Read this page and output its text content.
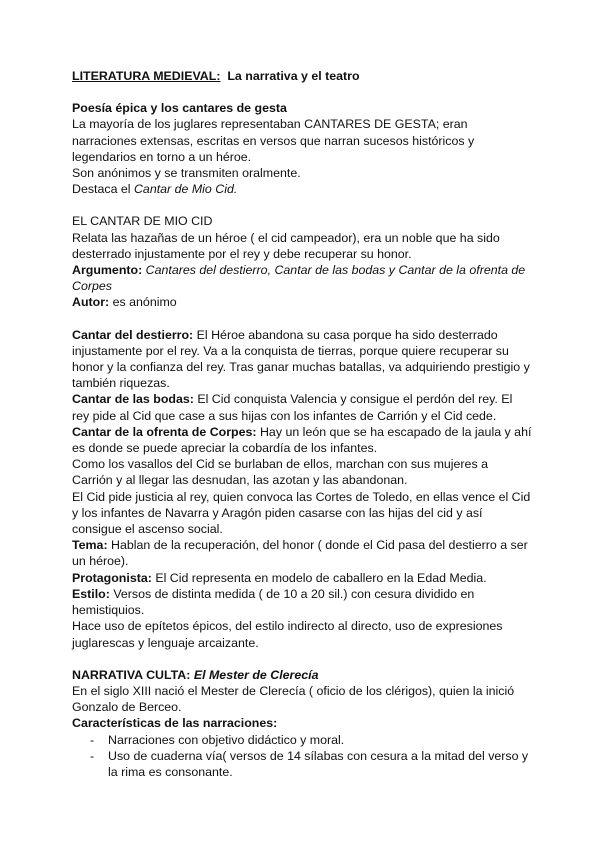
LITERATURA MEDIEVAL: La narrativa y el teatro

Poesía épica y los cantares de gesta

La mayoría de los juglares representaban CANTARES DE GESTA; eran narraciones extensas, escritas en versos que narran sucesos históricos y legendarios en torno a un héroe.

Son anónimos y se transmiten oralmente.

Destaca el Cantar de Mio Cid.

EL CANTAR DE MIO CID

Relata las hazañas de un héroe ( el cid campeador), era un noble que ha sido desterrado injustamente por el rey y debe recuperar su honor.

Argumento: Cantares del destierro, Cantar de las bodas y Cantar de la ofrenta de Corpes

Autor: es anónimo

Cantar del destierro: El Héroe abandona su casa porque ha sido desterrado injustamente por el rey. Va a la conquista de tierras, porque quiere recuperar su honor y la confianza del rey. Tras ganar muchas batallas, va adquiriendo prestigio y también riquezas.

Cantar de las bodas: El Cid conquista Valencia y consigue el perdón del rey. El rey pide al Cid que case a sus hijas con los infantes de Carrión y el Cid cede.

Cantar de la ofrenta de Corpes: Hay un león que se ha escapado de la jaula y ahí es donde se puede apreciar la cobardía de los infantes.

Como los vasallos del Cid se burlaban de ellos, marchan con sus mujeres a Carrión y al llegar las desnudan, las azotan y las abandonan.

El Cid pide justicia al rey, quien convoca las Cortes de Toledo, en ellas vence el Cid y los infantes de Navarra y Aragón piden casarse con las hijas del cid y así consigue el ascenso social.

Tema: Hablan de la recuperación, del honor ( donde el Cid pasa del destierro a ser un héroe).

Protagonista: El Cid representa en modelo de caballero en la Edad Media.

Estilo: Versos de distinta medida ( de 10 a 20 sil.) con cesura dividido en hemistiquios.

Hace uso de epítetos épicos, del estilo indirecto al directo, uso de expresiones juglarescas y lenguaje arcaizante.

NARRATIVA CULTA: El Mester de Clerecía

En el siglo XIII nació el Mester de Clerecía ( oficio de los clérigos), quien la inició Gonzalo de Berceo.

Características de las narraciones:

- Narraciones con objetivo didáctico y moral.
- Uso de cuaderna vía( versos de 14 sílabas con cesura a la mitad del verso y la rima es consonante.
